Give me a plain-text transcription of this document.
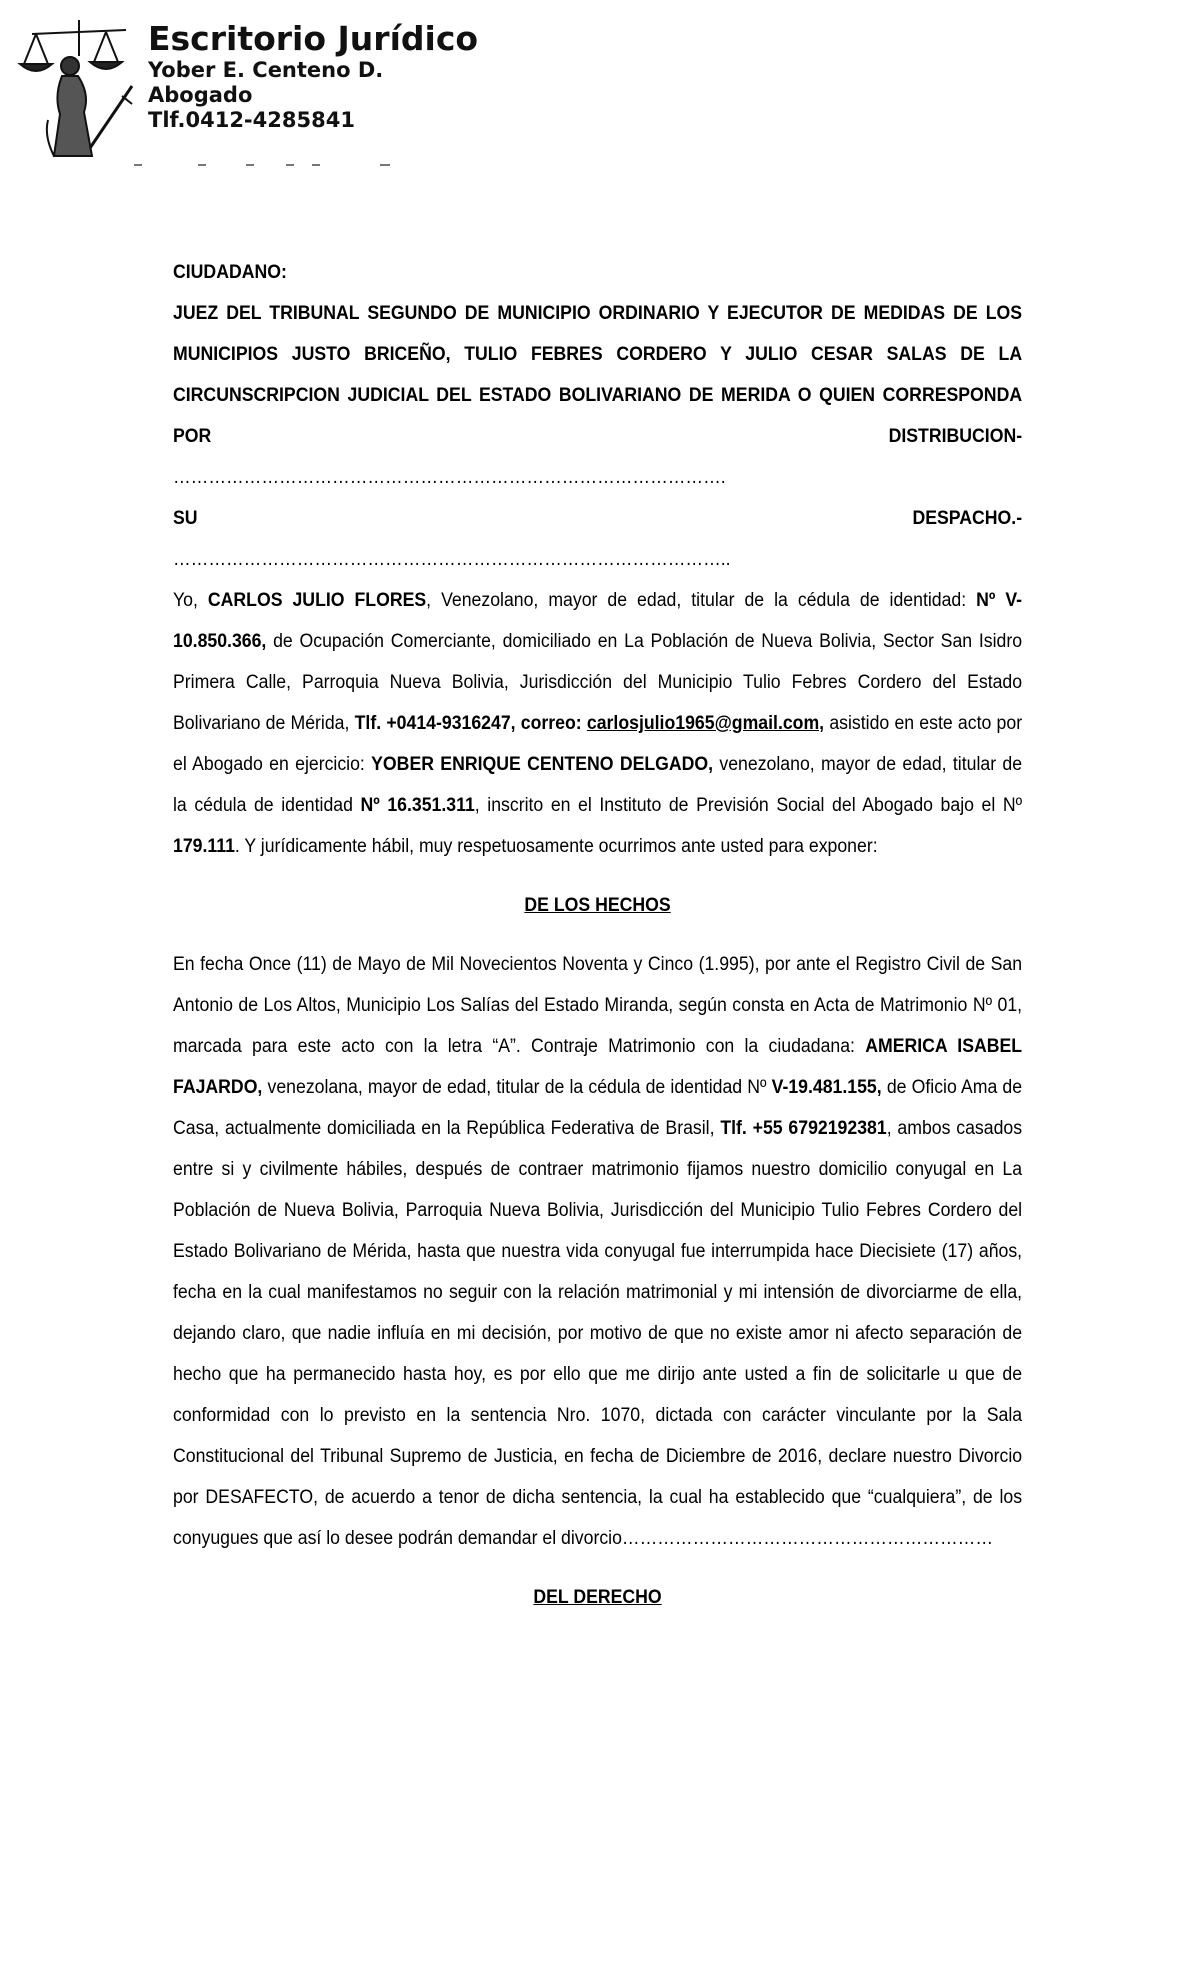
Escritorio Jurídico
Yober E. Centeno D.
Abogado
Tlf.0412-4285841

CIUDADANO:

JUEZ DEL TRIBUNAL SEGUNDO DE MUNICIPIO ORDINARIO Y EJECUTOR DE MEDIDAS DE LOS MUNICIPIOS JUSTO BRICEÑO, TULIO FEBRES CORDERO Y JULIO CESAR SALAS DE LA CIRCUNSCRIPCION JUDICIAL DEL ESTADO BOLIVARIANO DE MERIDA O QUIEN CORRESPONDA POR DISTRIBUCION-

………………………………………………………………………………….

SU DESPACHO.-

…………………………………………………………………………………..

Yo, CARLOS JULIO FLORES, Venezolano, mayor de edad, titular de la cédula de identidad: Nº V-10.850.366, de Ocupación Comerciante, domiciliado en La Población de Nueva Bolivia, Sector San Isidro Primera Calle, Parroquia Nueva Bolivia, Jurisdicción del Municipio Tulio Febres Cordero del Estado Bolivariano de Mérida, Tlf. +0414-9316247, correo: carlosjulio1965@gmail.com, asistido en este acto por el Abogado en ejercicio: YOBER ENRIQUE CENTENO DELGADO, venezolano, mayor de edad, titular de la cédula de identidad Nº 16.351.311, inscrito en el Instituto de Previsión Social del Abogado bajo el Nº 179.111. Y jurídicamente hábil, muy respetuosamente ocurrimos ante usted para exponer:

DE LOS HECHOS

En fecha Once (11) de Mayo de Mil Novecientos Noventa y Cinco (1.995), por ante el Registro Civil de San Antonio de Los Altos, Municipio Los Salías del Estado Miranda, según consta en Acta de Matrimonio Nº 01, marcada para este acto con la letra “A”. Contraje Matrimonio con la ciudadana: AMERICA ISABEL FAJARDO, venezolana, mayor de edad, titular de la cédula de identidad Nº V-19.481.155, de Oficio Ama de Casa, actualmente domiciliada en la República Federativa de Brasil, Tlf. +55 6792192381, ambos casados entre si y civilmente hábiles, después de contraer matrimonio fijamos nuestro domicilio conyugal en La Población de Nueva Bolivia, Parroquia Nueva Bolivia, Jurisdicción del Municipio Tulio Febres Cordero del Estado Bolivariano de Mérida, hasta que nuestra vida conyugal fue interrumpida hace Diecisiete (17) años, fecha en la cual manifestamos no seguir con la relación matrimonial y mi intensión de divorciarme de ella, dejando claro, que nadie influía en mi decisión, por motivo de que no existe amor ni afecto separación de hecho que ha permanecido hasta hoy, es por ello que me dirijo ante usted a fin de solicitarle u que de conformidad con lo previsto en la sentencia Nro. 1070, dictada con carácter vinculante por la Sala Constitucional del Tribunal Supremo de Justicia, en fecha de Diciembre de 2016, declare nuestro Divorcio por DESAFECTO, de acuerdo a tenor de dicha sentencia, la cual ha establecido que “cualquiera”, de los conyugues que así lo desee podrán demandar el divorcio………………………………………………………

DEL DERECHO
